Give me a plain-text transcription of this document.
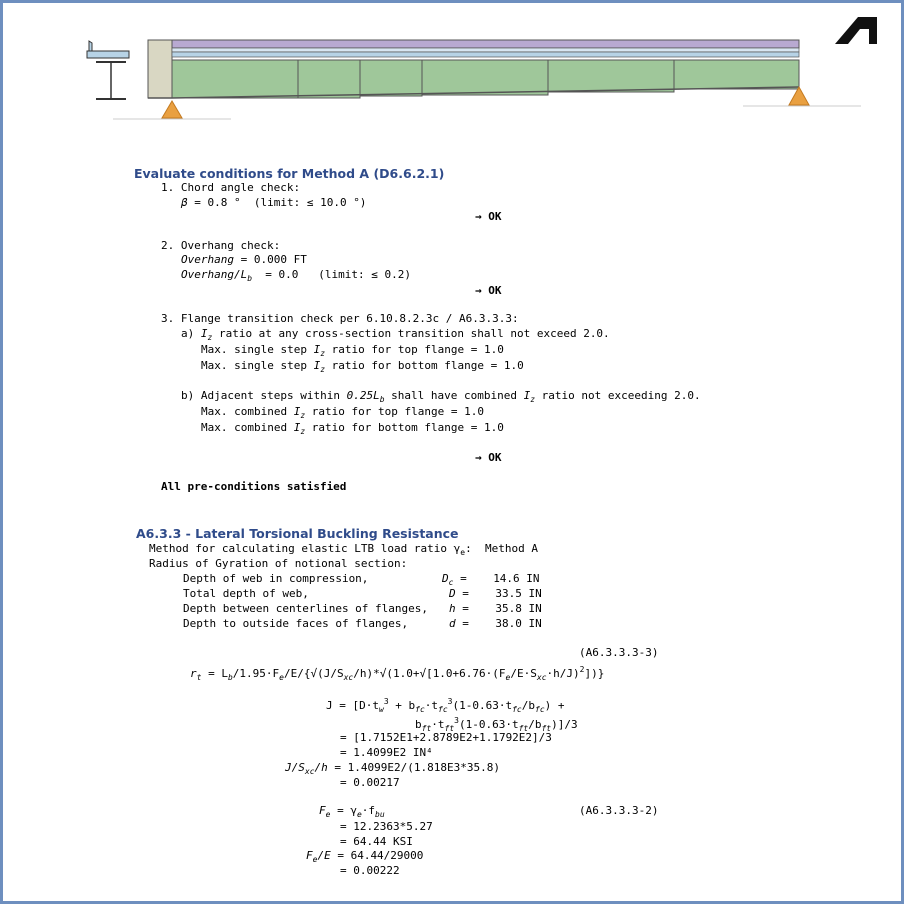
Evaluate conditions for Method A (D6.6.2.1)
1. Chord angle check:
β = 0.8 °  (limit: ≤ 10.0 °)
→ OK
2. Overhang check:
Overhang = 0.000 FT
Overhang/$L_b = 0.0$   (limit: ≤ 0.2)
→ OK
3. Flange transition check per 6.10.8.2.3c / A6.3.3.3:
a) $I_z$ ratio at any cross-section transition shall not exceed 2.0.
Max. single step $I_z$ ratio for top flange = 1.0
Max. single step $I_z$ ratio for bottom flange = 1.0
b) Adjacent steps within $0.25L_b$ shall have combined $I_z$ ratio not exceeding 2.0.
Max. combined $I_z$ ratio for top flange = 1.0
Max. combined $I_z$ ratio for bottom flange = 1.0
→ OK
All pre-conditions satisfied
A6.3.3 - Lateral Torsional Buckling Resistance
Method for calculating elastic LTB load ratio $\gamma_e$:  Method A
Radius of Gyration of notional section:
Depth of web in compression,	$D_c$ =    14.6 IN
Total depth of web,	D =    33.5 IN
Depth between centerlines of flanges, h =    35.8 IN
Depth to outside faces of flanges,	d =    38.0 IN
(A6.3.3.3-3)
$r_t = L_b/1.95\cdot F_e/E/\{√(J/S_{xc}/h)*√(1.0+√[1.0+6.76\cdot(F_e/E\cdot S_{xc}\cdot h/J)^2])\}$
$J = [D\cdot t_w^3 + b_{fc}\cdot t_{fc}^3(1-0.63\cdot t_{fc}/b_{fc})$ +
$b_{ft}\cdot t_{ft}^3(1-0.63\cdot t_{ft}/b_{ft})]/3$
= [1.7152E1+2.8789E2+1.1792E2]/3
= 1.4099E2 IN⁴
$J/S_{xc}/h = 1.4099E2/(1.818E3*35.8)$
= 0.00217
$F_e = \gamma_e\cdot f_{bu}$	(A6.3.3.3-2)
= 12.2363*5.27
= 64.44 KSI
$F_e/E = 64.44/29000$
= 0.00222
